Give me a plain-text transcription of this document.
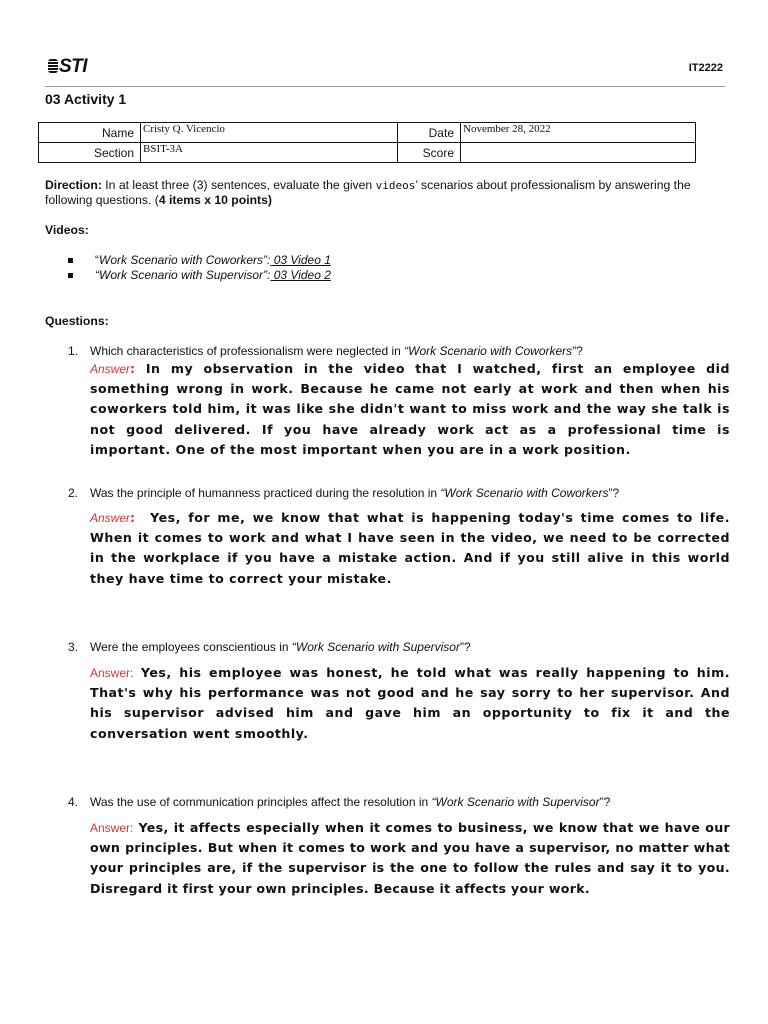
STI	IT2222
03 Activity 1
Name	Cristy Q. Vicencio	Date	November 28, 2022
Section	BSIT-3A	Score	
Direction: In at least three (3) sentences, evaluate the given videos’ scenarios about professionalism by answering the following questions. (4 items x 10 points)
Videos:
“Work Scenario with Coworkers”: 03 Video 1
“Work Scenario with Supervisor”: 03 Video 2
Questions:
1. Which characteristics of professionalism were neglected in “Work Scenario with Coworkers”?
Answer: In my observation in the video that I watched, first an employee did something wrong in work. Because he came not early at work and then when his coworkers told him, it was like she didn't want to miss work and the way she talk is not good delivered. If you have already work act as a professional time is important. One of the most important when you are in a work position.
2. Was the principle of humanness practiced during the resolution in “Work Scenario with Coworkers”?
Answer: Yes, for me, we know that what is happening today's time comes to life. When it comes to work and what I have seen in the video, we need to be corrected in the workplace if you have a mistake action. And if you still alive in this world they have time to correct your mistake.
3. Were the employees conscientious in “Work Scenario with Supervisor”?
Answer: Yes, his employee was honest, he told what was really happening to him. That's why his performance was not good and he say sorry to her supervisor. And his supervisor advised him and gave him an opportunity to fix it and the conversation went smoothly.
4. Was the use of communication principles affect the resolution in “Work Scenario with Supervisor”?
Answer: Yes, it affects especially when it comes to business, we know that we have our own principles. But when it comes to work and you have a supervisor, no matter what your principles are, if the supervisor is the one to follow the rules and say it to you. Disregard it first your own principles. Because it affects your work.
